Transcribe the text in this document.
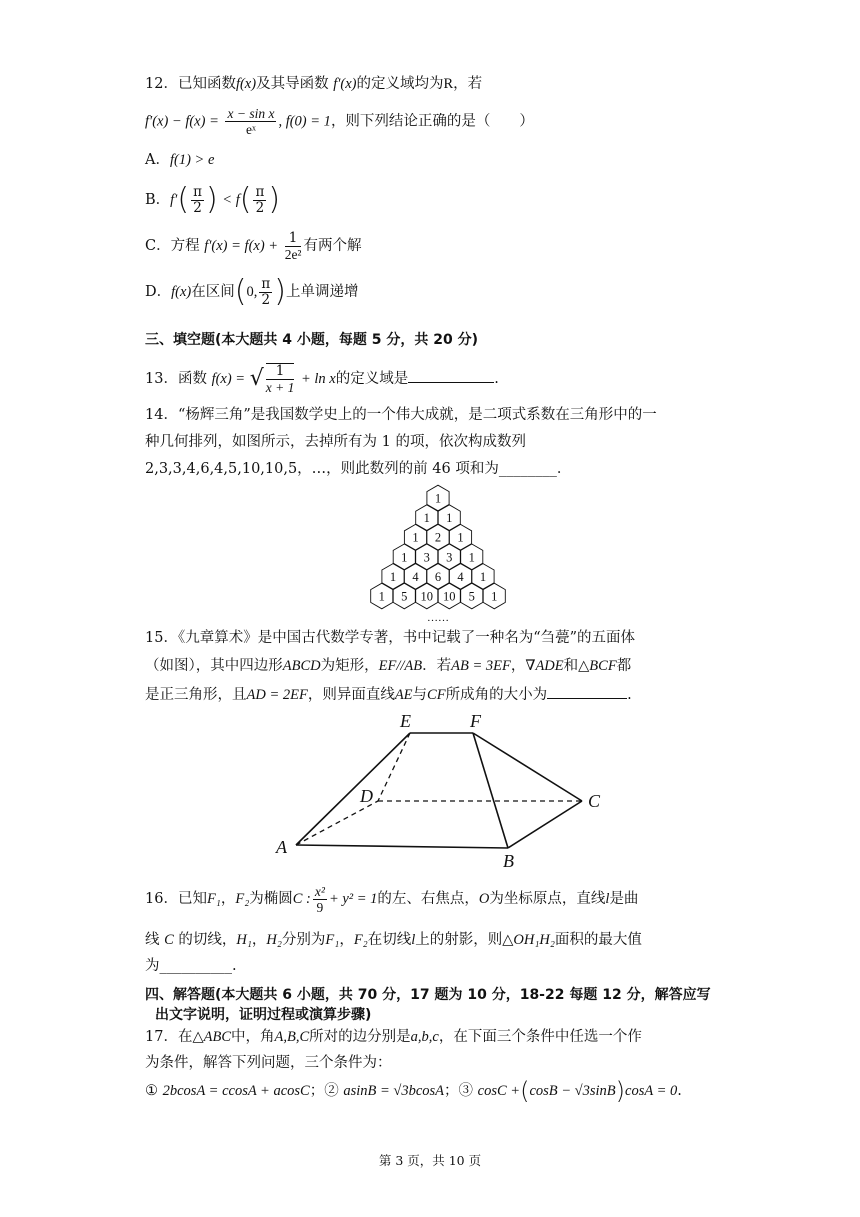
12．已知函数f(x)及其导函数 f′(x)的定义域均为R，若
$f'(x) - f(x) = \frac{\text{x − sin x}}{\text{eˣ}}$ , f(0) = 1，则下列结论正确的是（　　）
A．f(1) > e
B．$f'( \frac{\pi}{2}$ ) < $f( \frac{\pi}{2}$ )
C．方程 $f'(x) = f(x) + \frac{1}{\text{2e²}}$ 有两个解
D．f(x)在区间(0, $\frac{\pi}{2}$ )上单调递增
三、填空题(本大题共 4 小题，每题 5 分，共 20 分)
13．函数 f(x) = √ $\frac{1}{x + 1} + \ln x$的定义域是	.
14．“杨辉三角”是我国数学史上的一个伟大成就，是二项式系数在三角形中的一
种几何排列，如图所示，去掉所有为 1 的项，依次构成数列
2,3,3,4,6,4,5,10,10,5，…，则此数列的前 46 项和为________．
1
1 1
1 2 1
1 3 3 1
1 4 6 4 1
1 5 10 10 5 1
……
15．《九章算术》是中国古代数学专著，书中记载了一种名为“刍甍”的五面体
（如图），其中四边形ABCD为矩形，EF//AB．若AB = 3EF，∇ADE和△BCF都
是正三角形，且AD = 2EF，则异面直线AE与CF所成角的大小为	.
E	F
D	C
A
B
16．已知F₁，F₂为椭圆C : $\frac{\text{x²}}{9} + y^2 = 1$的左、右焦点，O为坐标原点，直线l是曲
线 C 的切线，H₁，H₂分别为F₁，F₂在切线l上的射影，则△OH₁H₂面积的最大值
为__________.
四、解答题(本大题共 6 小题，共 70 分，17 题为 10 分，18-22 每题 12 分，解答应写
出文字说明，证明过程或演算步骤)
17．在△ABC中，角A,B,C所对的边分别是a,b,c，在下面三个条件中任选一个作
为条件，解答下列问题，三个条件为：
① 2bcosA = ccosA + acosC；② asinB = √3bcosA；③ cosC +(cosB − √3sinB)cosA = 0.
第 3 页，共 10 页
